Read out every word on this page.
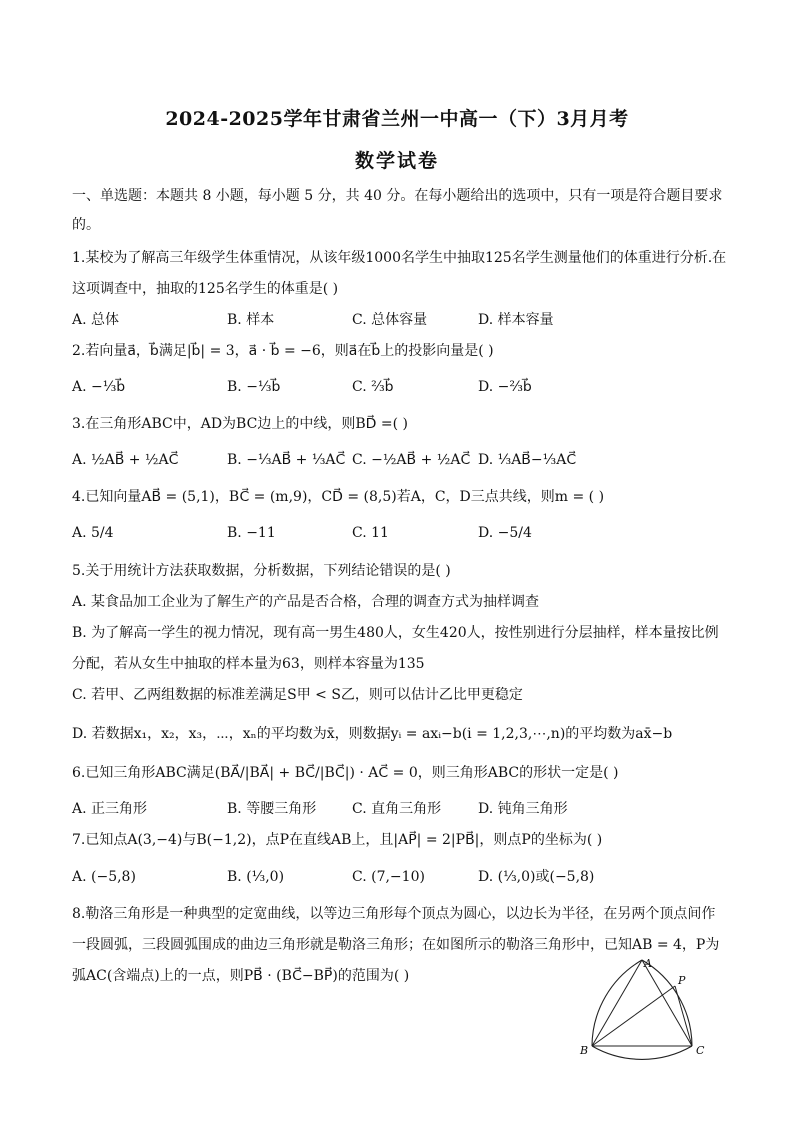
2024-2025学年甘肃省兰州一中高一（下）3月月考
数学试卷
一、单选题：本题共 8 小题，每小题 5 分，共 40 分。在每小题给出的选项中，只有一项是符合题目要求
的。
1.某校为了解高三年级学生体重情况，从该年级1000名学生中抽取125名学生测量他们的体重进行分析.在
这项调查中，抽取的125名学生的体重是( )
A. 总体	B. 样本	C. 总体容量	D. 样本容量
2.若向量a⃗，b⃗满足|b⃗| = 3，a⃗ · b⃗ = −6，则a⃗在b⃗上的投影向量是( )
A. −⅓b⃗	B. −⅓b⃗	C. ⅔b⃗	D. −⅔b⃗
3.在三角形ABC中，AD为BC边上的中线，则BD⃗ =( )
A. ½AB⃗ + ½AC⃗	B. −⅓AB⃗ + ⅓AC⃗ C. −½AB⃗ + ½AC⃗ D. ⅓AB⃗−⅓AC⃗
4.已知向量AB⃗ = (5,1)，BC⃗ = (m,9)，CD⃗ = (8,5)若A，C，D三点共线，则m = ( )
A. 5/4	B. −11	C. 11	D. −5/4
5.关于用统计方法获取数据，分析数据，下列结论错误的是( )
A. 某食品加工企业为了解生产的产品是否合格，合理的调查方式为抽样调查
B. 为了解高一学生的视力情况，现有高一男生480人，女生420人，按性别进行分层抽样，样本量按比例
分配，若从女生中抽取的样本量为63，则样本容量为135
C. 若甲、乙两组数据的标准差满足S甲 < S乙，则可以估计乙比甲更稳定
D. 若数据x₁，x₂，x₃，⋯，xₙ的平均数为x̄，则数据yᵢ = axᵢ−b(i = 1,2,3,⋯,n)的平均数为ax̄−b
6.已知三角形ABC满足(BA⃗/|BA⃗| + BC⃗/|BC⃗|) · AC⃗ = 0，则三角形ABC的形状一定是( )
A. 正三角形	B. 等腰三角形	C. 直角三角形	D. 钝角三角形
7.已知点A(3,−4)与B(−1,2)，点P在直线AB上，且|AP⃗| = 2|PB⃗|，则点P的坐标为( )
A. (−5,8)	B. (⅓,0)	C. (7,−10)	D. (⅓,0)或(−5,8)
8.勒洛三角形是一种典型的定宽曲线，以等边三角形每个顶点为圆心，以边长为半径，在另两个顶点间作
一段圆弧，三段圆弧围成的曲边三角形就是勒洛三角形；在如图所示的勒洛三角形中，已知AB = 4，P为
弧AC(含端点)上的一点，则PB⃗ · (BC⃗−BP⃗)的范围为( )
A
P
B	C
